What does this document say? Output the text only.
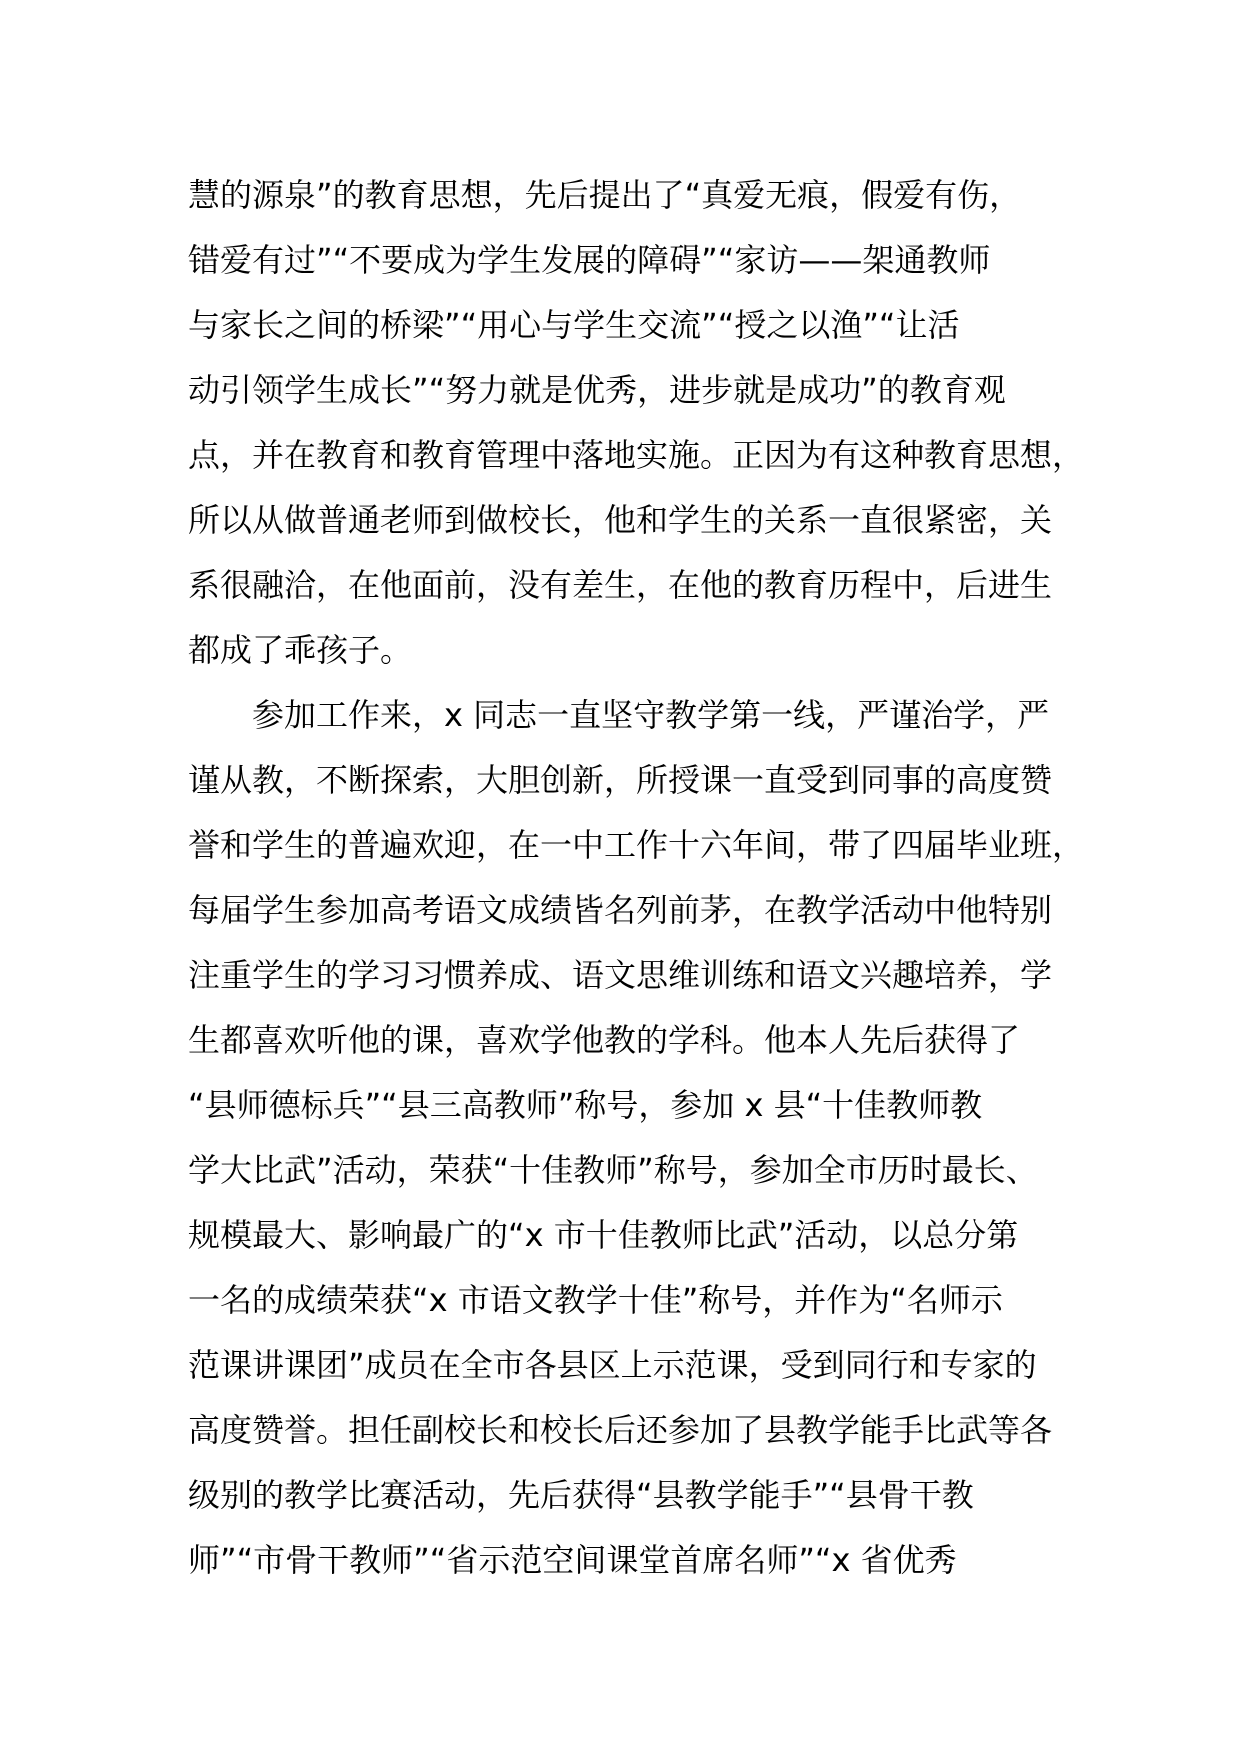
慧的源泉”的教育思想，先后提出了“真爱无痕，假爱有伤，
错爱有过”“不要成为学生发展的障碍”“家访——架通教师
与家长之间的桥梁”“用心与学生交流”“授之以渔”“让活
动引领学生成长”“努力就是优秀，进步就是成功”的教育观
点，并在教育和教育管理中落地实施。正因为有这种教育思想，
所以从做普通老师到做校长，他和学生的关系一直很紧密，关
系很融洽，在他面前，没有差生，在他的教育历程中，后进生
都成了乖孩子。
　　参加工作来，x 同志一直坚守教学第一线，严谨治学，严
谨从教，不断探索，大胆创新，所授课一直受到同事的高度赞
誉和学生的普遍欢迎，在一中工作十六年间，带了四届毕业班，
每届学生参加高考语文成绩皆名列前茅，在教学活动中他特别
注重学生的学习习惯养成、语文思维训练和语文兴趣培养，学
生都喜欢听他的课，喜欢学他教的学科。他本人先后获得了
“县师德标兵”“县三高教师”称号，参加 x 县“十佳教师教
学大比武”活动，荣获“十佳教师”称号，参加全市历时最长、
规模最大、影响最广的“x 市十佳教师比武”活动，以总分第
一名的成绩荣获“x 市语文教学十佳”称号，并作为“名师示
范课讲课团”成员在全市各县区上示范课，受到同行和专家的
高度赞誉。担任副校长和校长后还参加了县教学能手比武等各
级别的教学比赛活动，先后获得“县教学能手”“县骨干教
师”“市骨干教师”“省示范空间课堂首席名师”“x 省优秀
